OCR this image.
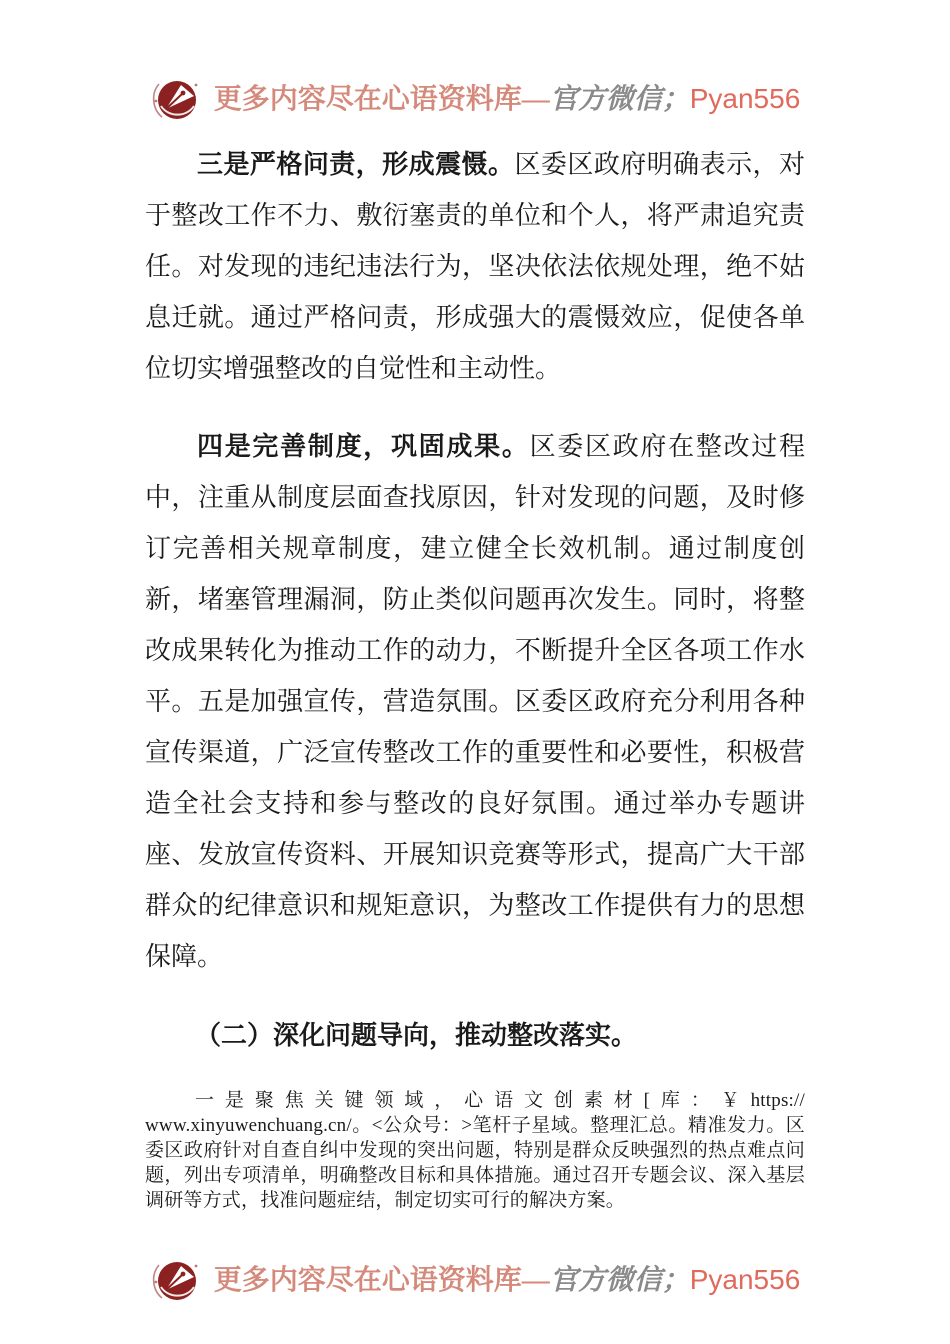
更多内容尽在心语资料库—官方微信；Pyan556

三是严格问责，形成震慑。区委区政府明确表示，对于整改工作不力、敷衍塞责的单位和个人，将严肃追究责任。对发现的违纪违法行为，坚决依法依规处理，绝不姑息迁就。通过严格问责，形成强大的震慑效应，促使各单位切实增强整改的自觉性和主动性。

四是完善制度，巩固成果。区委区政府在整改过程中，注重从制度层面查找原因，针对发现的问题，及时修订完善相关规章制度，建立健全长效机制。通过制度创新，堵塞管理漏洞，防止类似问题再次发生。同时，将整改成果转化为推动工作的动力，不断提升全区各项工作水平。五是加强宣传，营造氛围。区委区政府充分利用各种宣传渠道，广泛宣传整改工作的重要性和必要性，积极营造全社会支持和参与整改的良好氛围。通过举办专题讲座、发放宣传资料、开展知识竞赛等形式，提高广大干部群众的纪律意识和规矩意识，为整改工作提供有力的思想保障。

（二）深化问题导向，推动整改落实。

一是聚焦关键领域，心语文创素材[库：￥https://www.xinyuwenchuang.cn/。<公众号：>笔杆子星域。整理汇总。精准发力。区委区政府针对自查自纠中发现的突出问题，特别是群众反映强烈的热点难点问题，列出专项清单，明确整改目标和具体措施。通过召开专题会议、深入基层调研等方式，找准问题症结，制定切实可行的解决方案。

更多内容尽在心语资料库—官方微信；Pyan556
